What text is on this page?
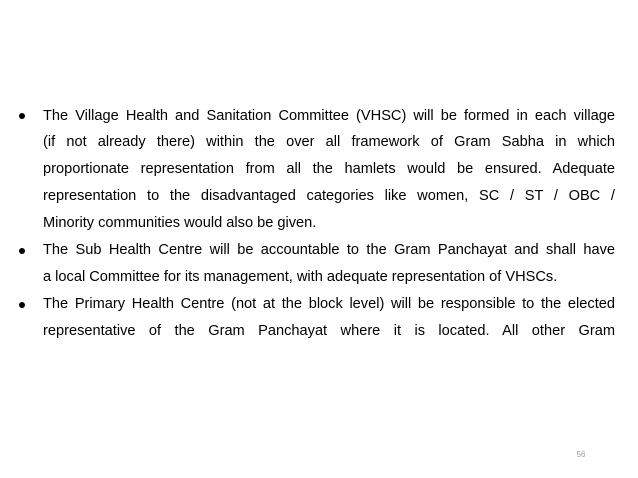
The Village Health and Sanitation Committee (VHSC) will be formed in each village
(if not already there) within the over all framework of Gram Sabha in which
proportionate representation from all the hamlets would be ensured. Adequate
representation to the disadvantaged categories like women, SC / ST / OBC /
Minority communities would also be given.
The Sub Health Centre will be accountable to the Gram Panchayat and shall have
a local Committee for its management, with adequate representation of VHSCs.
The Primary Health Centre (not at the block level) will be responsible to the elected
representative of the Gram Panchayat where it is located. All other Gram
56
